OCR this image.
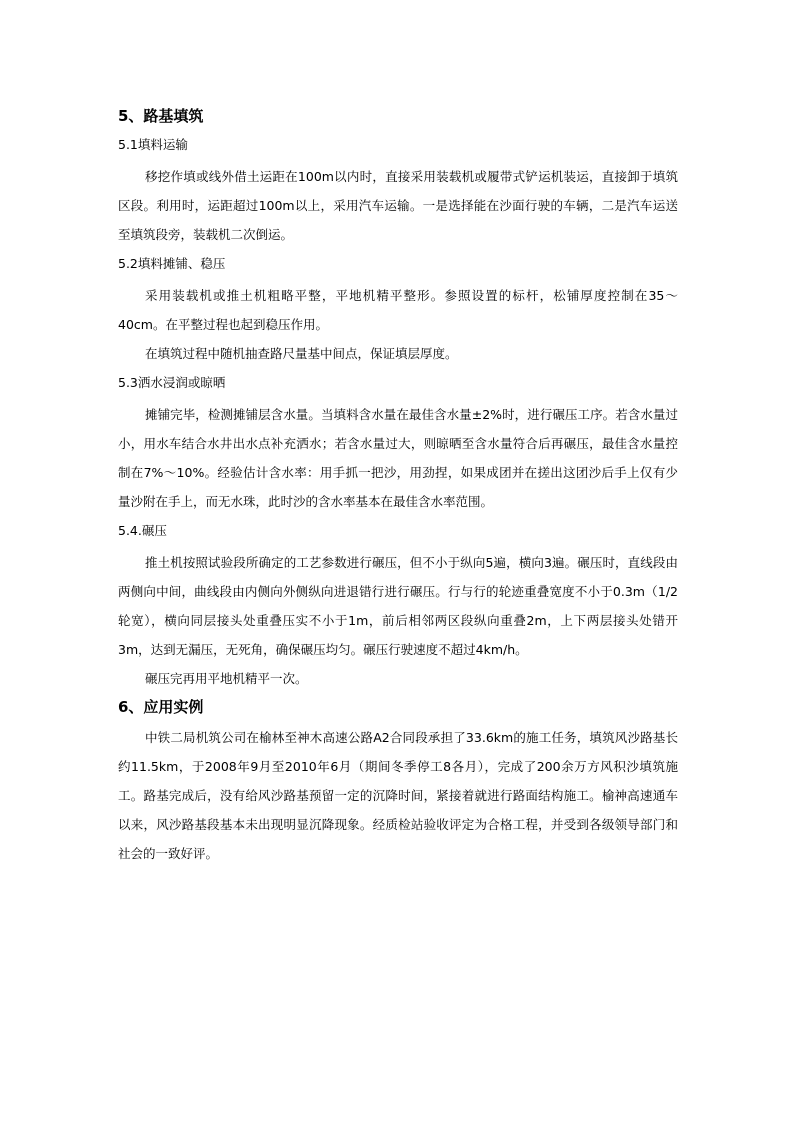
5、路基填筑
5.1填料运输

移挖作填或线外借土运距在100m以内时，直接采用装载机或履带式铲运机装运，直接卸于填筑区段。利用时，运距超过100m以上，采用汽车运输。一是选择能在沙面行驶的车辆，二是汽车运送至填筑段旁，装载机二次倒运。

5.2填料摊铺、稳压

采用装载机或推土机粗略平整，平地机精平整形。参照设置的标杆，松铺厚度控制在35～40cm。在平整过程也起到稳压作用。

在填筑过程中随机抽查路尺量基中间点，保证填层厚度。

5.3洒水浸润或晾晒

摊铺完毕，检测摊铺层含水量。当填料含水量在最佳含水量±2%时，进行碾压工序。若含水量过小，用水车结合水井出水点补充洒水；若含水量过大，则晾晒至含水量符合后再碾压，最佳含水量控制在7%～10%。经验估计含水率：用手抓一把沙，用劲捏，如果成团并在搓出这团沙后手上仅有少量沙附在手上，而无水珠，此时沙的含水率基本在最佳含水率范围。

5.4.碾压

推土机按照试验段所确定的工艺参数进行碾压，但不小于纵向5遍，横向3遍。碾压时，直线段由两侧向中间，曲线段由内侧向外侧纵向进退错行进行碾压。行与行的轮迹重叠宽度不小于0.3m（1/2轮宽），横向同层接头处重叠压实不小于1m，前后相邻两区段纵向重叠2m，上下两层接头处错开3m，达到无漏压，无死角，确保碾压均匀。碾压行驶速度不超过4km/h。

碾压完再用平地机精平一次。

6、应用实例

中铁二局机筑公司在榆林至神木高速公路A2合同段承担了33.6km的施工任务，填筑风沙路基长约11.5km，于2008年9月至2010年6月（期间冬季停工8各月），完成了200余万方风积沙填筑施工。路基完成后，没有给风沙路基预留一定的沉降时间，紧接着就进行路面结构施工。榆神高速通车以来，风沙路基段基本未出现明显沉降现象。经质检站验收评定为合格工程，并受到各级领导部门和社会的一致好评。
